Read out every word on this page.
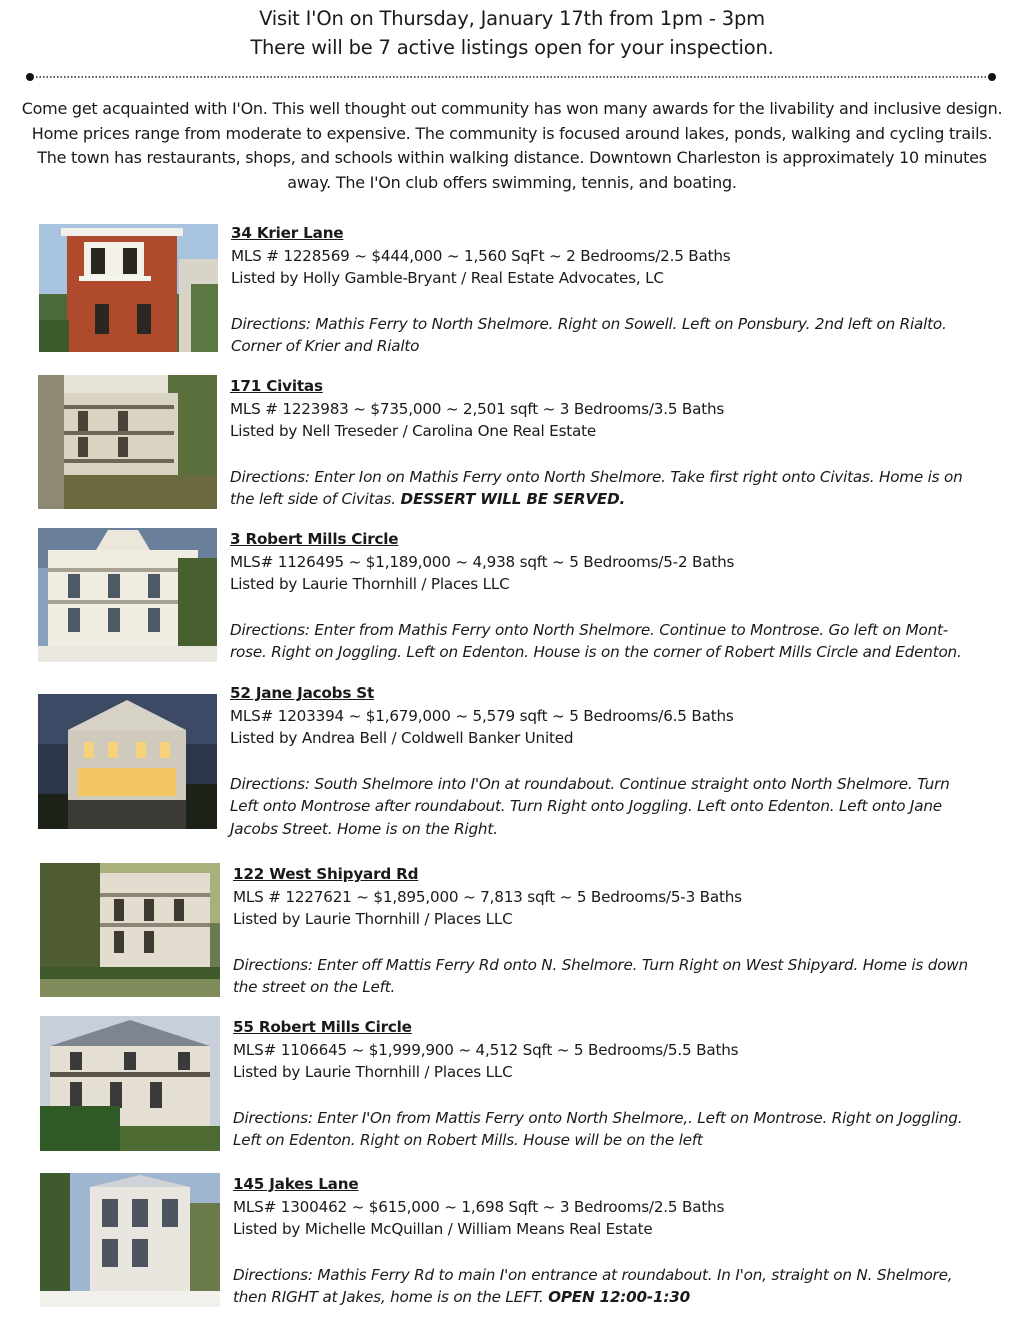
Visit I'On on Thursday, January 17th from 1pm - 3pm
There will be 7 active listings open for your inspection.
Come get acquainted with I'On. This well thought out community has won many awards for the livability and inclusive design. Home prices range from moderate to expensive. The community is focused around lakes, ponds, walking and cycling trails. The town has restaurants, shops, and schools within walking distance. Downtown Charleston is approximately 10 minutes away. The I'On club offers swimming, tennis, and boating.
34 Krier Lane
MLS # 1228569 ~ $444,000 ~ 1,560 SqFt ~ 2 Bedrooms/2.5 Baths
Listed by Holly Gamble-Bryant / Real Estate Advocates, LC
Directions: Mathis Ferry to North Shelmore. Right on Sowell. Left on Ponsbury. 2nd left on Rialto.
Corner of Krier and Rialto
171 Civitas
MLS # 1223983 ~ $735,000 ~ 2,501 sqft ~ 3 Bedrooms/3.5 Baths
Listed by Nell Treseder / Carolina One Real Estate
Directions: Enter Ion on Mathis Ferry onto North Shelmore. Take first right onto Civitas. Home is on
the left side of Civitas. DESSERT WILL BE SERVED.
3 Robert Mills Circle
MLS# 1126495 ~ $1,189,000 ~ 4,938 sqft ~ 5 Bedrooms/5-2 Baths
Listed by Laurie Thornhill / Places LLC
Directions: Enter from Mathis Ferry onto North Shelmore. Continue to Montrose. Go left on Mont-
rose. Right on Joggling. Left on Edenton. House is on the corner of Robert Mills Circle and Edenton.
52 Jane Jacobs St
MLS# 1203394 ~ $1,679,000 ~ 5,579 sqft ~ 5 Bedrooms/6.5 Baths
Listed by Andrea Bell / Coldwell Banker United
Directions: South Shelmore into I'On at roundabout. Continue straight onto North Shelmore. Turn
Left onto Montrose after roundabout. Turn Right onto Joggling. Left onto Edenton. Left onto Jane
Jacobs Street. Home is on the Right.
122 West Shipyard Rd
MLS # 1227621 ~ $1,895,000 ~ 7,813 sqft ~ 5 Bedrooms/5-3 Baths
Listed by Laurie Thornhill / Places LLC
Directions: Enter off Mattis Ferry Rd onto N. Shelmore. Turn Right on West Shipyard. Home is down
the street on the Left.
55 Robert Mills Circle
MLS# 1106645 ~ $1,999,900 ~ 4,512 Sqft ~ 5 Bedrooms/5.5 Baths
Listed by Laurie Thornhill / Places LLC
Directions: Enter I'On from Mattis Ferry onto North Shelmore,. Left on Montrose. Right on Joggling.
Left on Edenton. Right on Robert Mills. House will be on the left
145 Jakes Lane
MLS# 1300462 ~ $615,000 ~ 1,698 Sqft ~ 3 Bedrooms/2.5 Baths
Listed by Michelle McQuillan / William Means Real Estate
Directions: Mathis Ferry Rd to main I'on entrance at roundabout. In I'on, straight on N. Shelmore,
then RIGHT at Jakes, home is on the LEFT. OPEN 12:00-1:30
